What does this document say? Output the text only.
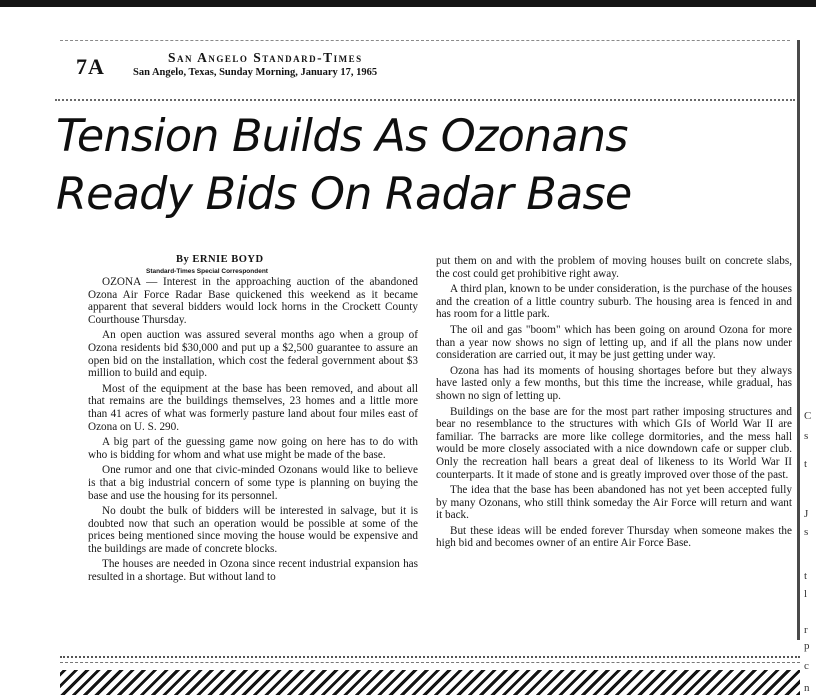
7A	San Angelo Standard-Times
San Angelo, Texas, Sunday Morning, January 17, 1965
Tension Builds As Ozonans
Ready Bids On Radar Base
By ERNIE BOYD
Standard-Times Special Correspondent

OZONA — Interest in the approaching auction of the abandoned Ozona Air Force Radar Base quickened this weekend as it became apparent that several bidders would lock horns in the Crockett County Courthouse Thursday.

An open auction was assured several months ago when a group of Ozona residents bid $30,000 and put up a $2,500 guarantee to assure an open bid on the installation, which cost the federal government about $3 million to build and equip.

Most of the equipment at the base has been removed, and about all that remains are the buildings themselves, 23 homes and a little more than 41 acres of what was formerly pasture land about four miles east of Ozona on U. S. 290.

A big part of the guessing game now going on here has to do with who is bidding for whom and what use might be made of the base.

One rumor and one that civic-minded Ozonans would like to believe is that a big industrial concern of some type is planning on buying the base and use the housing for its personnel.

No doubt the bulk of bidders will be interested in salvage, but it is doubted now that such an operation would be possible at some of the prices being mentioned since moving the house would be expensive and the buildings are made of concrete blocks.

The houses are needed in Ozona since recent industrial expansion has resulted in a shortage. But without land to

put them on and with the problem of moving houses built on concrete slabs, the cost could get prohibitive right away.

A third plan, known to be under consideration, is the purchase of the houses and the creation of a little country suburb. The housing area is fenced in and has room for a little park.

The oil and gas "boom" which has been going on around Ozona for more than a year now shows no sign of letting up, and if all the plans now under consideration are carried out, it may be just getting under way.

Ozona has had its moments of housing shortages before but they always have lasted only a few months, but this time the increase, while gradual, has shown no sign of letting up.

Buildings on the base are for the most part rather imposing structures and bear no resemblance to the structures with which GIs of World War II are familiar. The barracks are more like college dormitories, and the mess hall would be more closely associated with a nice downdown cafe or supper club. Only the recreation hall bears a great deal of likeness to its World War II counterparts. It it made of stone and is greatly improved over those of the past.

The idea that the base has been abandoned has not yet been accepted fully by many Ozonans, who still think someday the Air Force will return and want it back.

But these ideas will be ended forever Thursday when someone makes the high bid and becomes owner of an entire Air Force Base.

C
s
t
J
s
t
l
r
p
c
n
